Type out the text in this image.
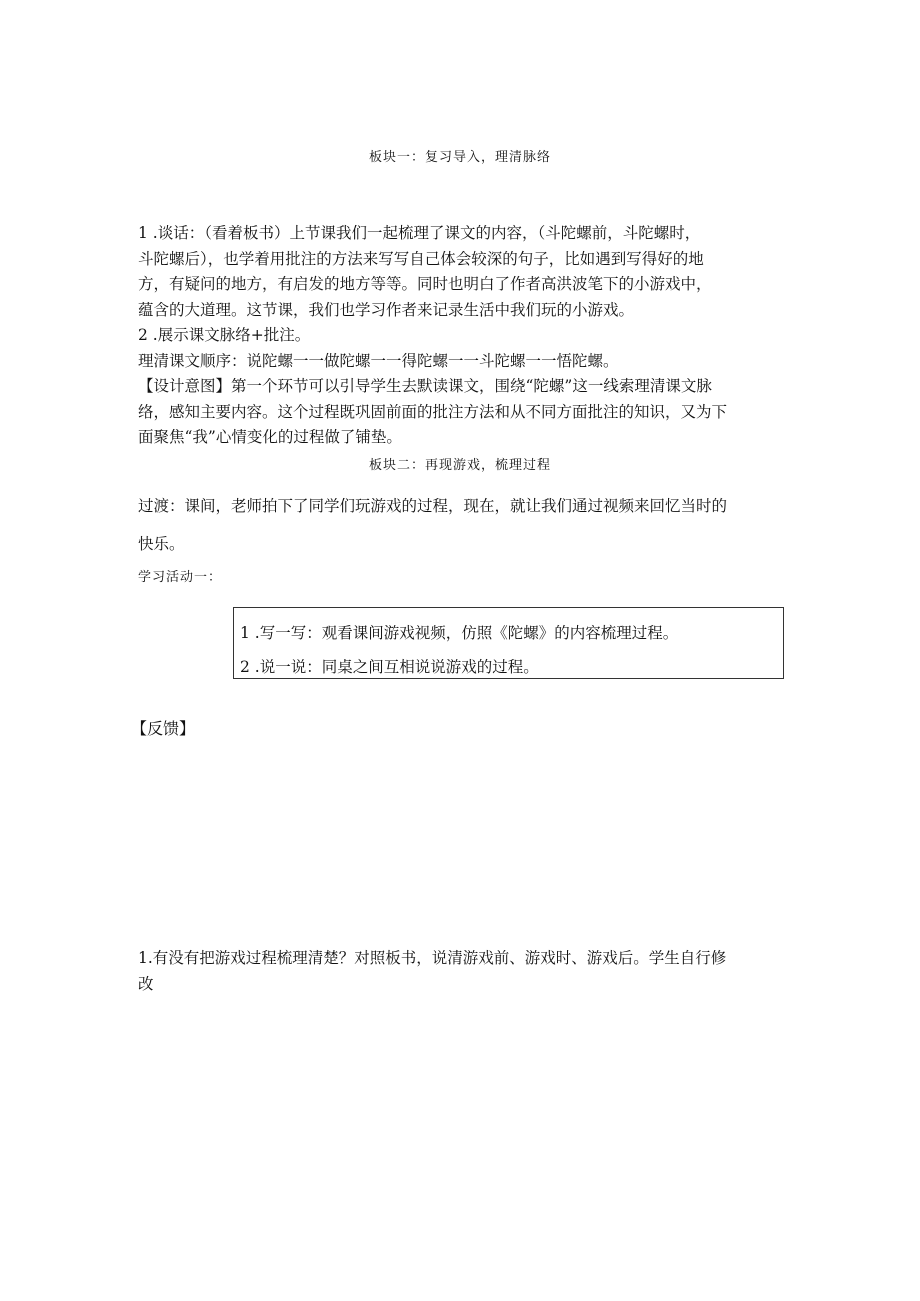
板块一：复习导入，理清脉络
1 .谈话：（看着板书）上节课我们一起梳理了课文的内容，（斗陀螺前，斗陀螺时，
斗陀螺后），也学着用批注的方法来写写自己体会较深的句子，比如遇到写得好的地
方，有疑问的地方，有启发的地方等等。同时也明白了作者高洪波笔下的小游戏中，
蕴含的大道理。这节课，我们也学习作者来记录生活中我们玩的小游戏。
2 .展示课文脉络+批注。
理清课文顺序：说陀螺一一做陀螺一一得陀螺一一斗陀螺一一悟陀螺。
【设计意图】第一个环节可以引导学生去默读课文，围绕“陀螺”这一线索理清课文脉
络，感知主要内容。这个过程既巩固前面的批注方法和从不同方面批注的知识，又为下
面聚焦“我”心情变化的过程做了铺垫。
板块二：再现游戏，梳理过程
过渡：课间，老师拍下了同学们玩游戏的过程，现在，就让我们通过视频来回忆当时的
快乐。
学习活动一：
1 .写一写：观看课间游戏视频，仿照《陀螺》的内容梳理过程。
2 .说一说：同桌之间互相说说游戏的过程。
【反馈】
1.有没有把游戏过程梳理清楚？对照板书，说清游戏前、游戏时、游戏后。学生自行修
改
